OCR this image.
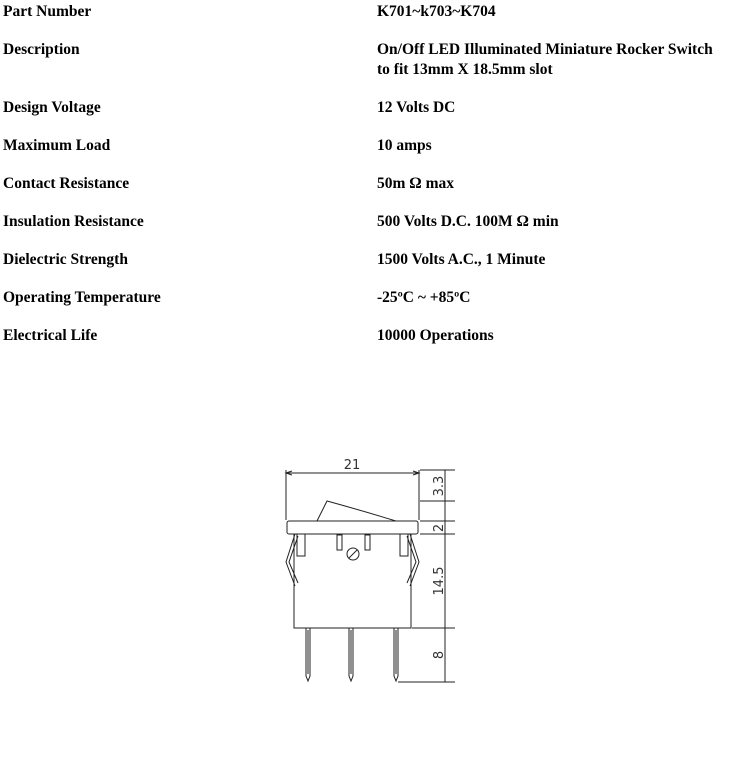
Part Number	K701~k703~K704
Description	On/Off LED Illuminated Miniature Rocker Switch
to fit 13mm X 18.5mm slot
Design Voltage	12 Volts DC
Maximum Load	10 amps
Contact Resistance	50m Ω max
Insulation Resistance	500 Volts D.C. 100M Ω min
Dielectric Strength	1500 Volts A.C., 1 Minute
Operating Temperature	-25ºC ~ +85ºC
Electrical Life	10000 Operations
21
3.3
2
14.5
8
